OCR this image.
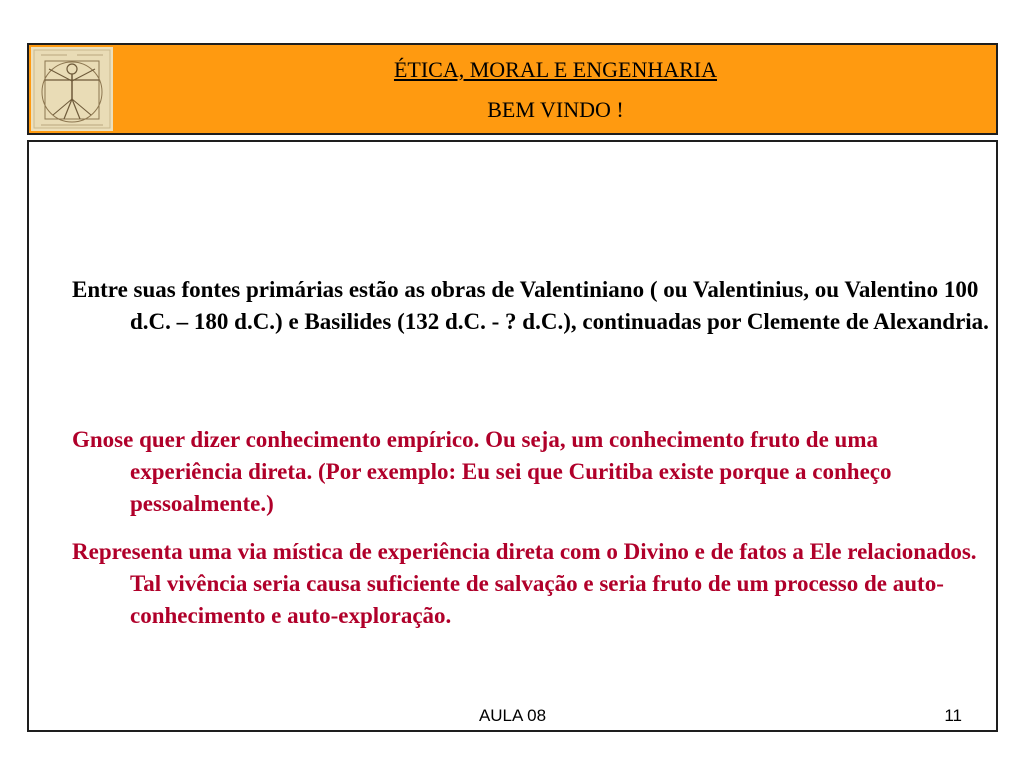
ÉTICA, MORAL E ENGENHARIA
BEM VINDO !

Entre suas fontes primárias estão as obras de Valentiniano ( ou Valentinius, ou Valentino 100 d.C. – 180 d.C.) e Basilides (132 d.C. - ? d.C.), continuadas por Clemente de Alexandria.

Gnose quer dizer conhecimento empírico. Ou seja, um conhecimento fruto de uma experiência direta. (Por exemplo: Eu sei que Curitiba existe porque a conheço pessoalmente.)

Representa uma via mística de experiência direta com o Divino e de fatos a Ele relacionados. Tal vivência seria causa suficiente de salvação e seria fruto de um processo de auto-conhecimento e auto-exploração.

AULA 08	11
